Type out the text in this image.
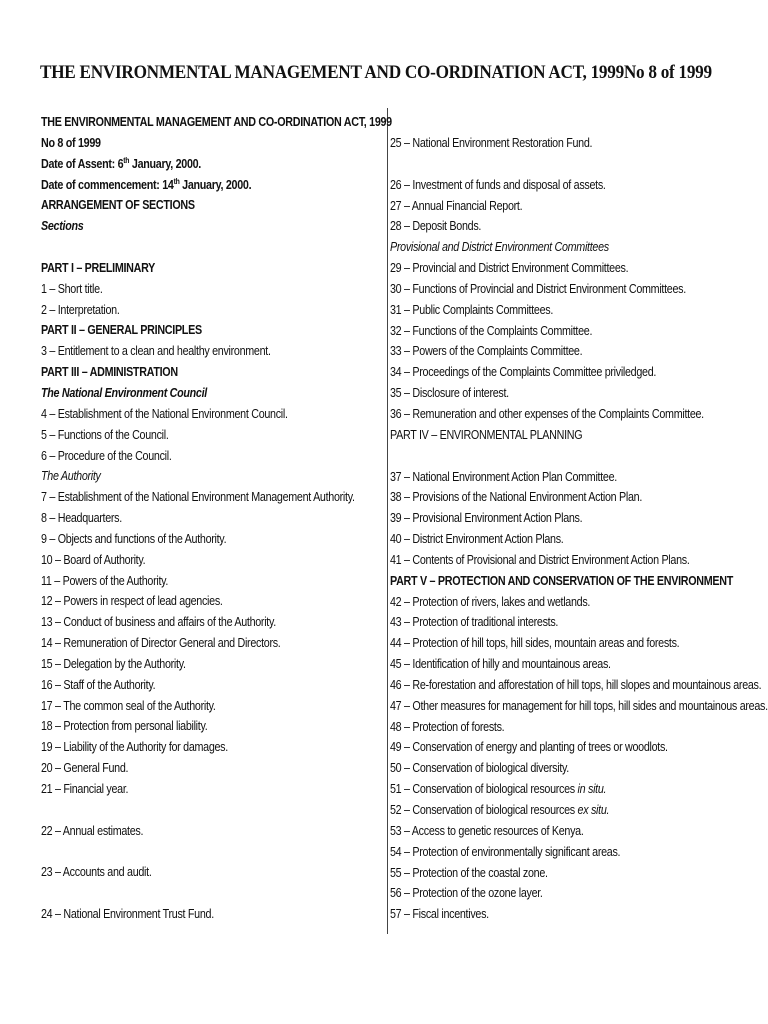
THE ENVIRONMENTAL MANAGEMENT AND CO-ORDINATION ACT, 1999No 8 of 1999
THE ENVIRONMENTAL MANAGEMENT AND CO-ORDINATION ACT, 1999
No 8 of 1999
Date of Assent: 6th January, 2000.
Date of commencement: 14th January, 2000.
ARRANGEMENT OF SECTIONS
Sections
PART I – PRELIMINARY
1 – Short title.
2 – Interpretation.
PART II – GENERAL PRINCIPLES
3 – Entitlement to a clean and healthy environment.
PART III – ADMINISTRATION
The National Environment Council
4 – Establishment of the National Environment Council.
5 – Functions of the Council.
6 – Procedure of the Council.
The Authority
7 – Establishment of the National Environment Management Authority.
8 – Headquarters.
9 – Objects and functions of the Authority.
10 – Board of Authority.
11 – Powers of the Authority.
12 – Powers in respect of lead agencies.
13 – Conduct of business and affairs of the Authority.
14 – Remuneration of Director General and Directors.
15 – Delegation by the Authority.
16 – Staff of the Authority.
17 – The common seal of the Authority.
18 – Protection from personal liability.
19 – Liability of the Authority for damages.
20 – General Fund.
21 – Financial year.
22 – Annual estimates.
23 – Accounts and audit.
24 – National Environment Trust Fund.
25 – National Environment Restoration Fund.
26 – Investment of funds and disposal of assets.
27 – Annual Financial Report.
28 – Deposit Bonds.
Provisional and District Environment Committees
29 – Provincial and District Environment Committees.
30 – Functions of Provincial and District Environment Committees.
31 – Public Complaints Committees.
32 – Functions of the Complaints Committee.
33 – Powers of the Complaints Committee.
34 – Proceedings of the Complaints Committee priviledged.
35 – Disclosure of interest.
36 – Remuneration and other expenses of the Complaints Committee.
PART IV – ENVIRONMENTAL PLANNING
37 – National Environment Action Plan Committee.
38 – Provisions of the National Environment Action Plan.
39 – Provisional Environment Action Plans.
40 – District Environment Action Plans.
41 – Contents of Provisional and District Environment Action Plans.
PART V – PROTECTION AND CONSERVATION OF THE ENVIRONMENT
42 – Protection of rivers, lakes and wetlands.
43 – Protection of traditional interests.
44 – Protection of hill tops, hill sides, mountain areas and forests.
45 – Identification of hilly and mountainous areas.
46 – Re-forestation and afforestation of hill tops, hill slopes and mountainous areas.
47 – Other measures for management for hill tops, hill sides and mountainous areas.
48 – Protection of forests.
49 – Conservation of energy and planting of trees or woodlots.
50 – Conservation of biological diversity.
51 – Conservation of biological resources in situ.
52 – Conservation of biological resources ex situ.
53 – Access to genetic resources of Kenya.
54 – Protection of environmentally significant areas.
55 – Protection of the coastal zone.
56 – Protection of the ozone layer.
57 – Fiscal incentives.
